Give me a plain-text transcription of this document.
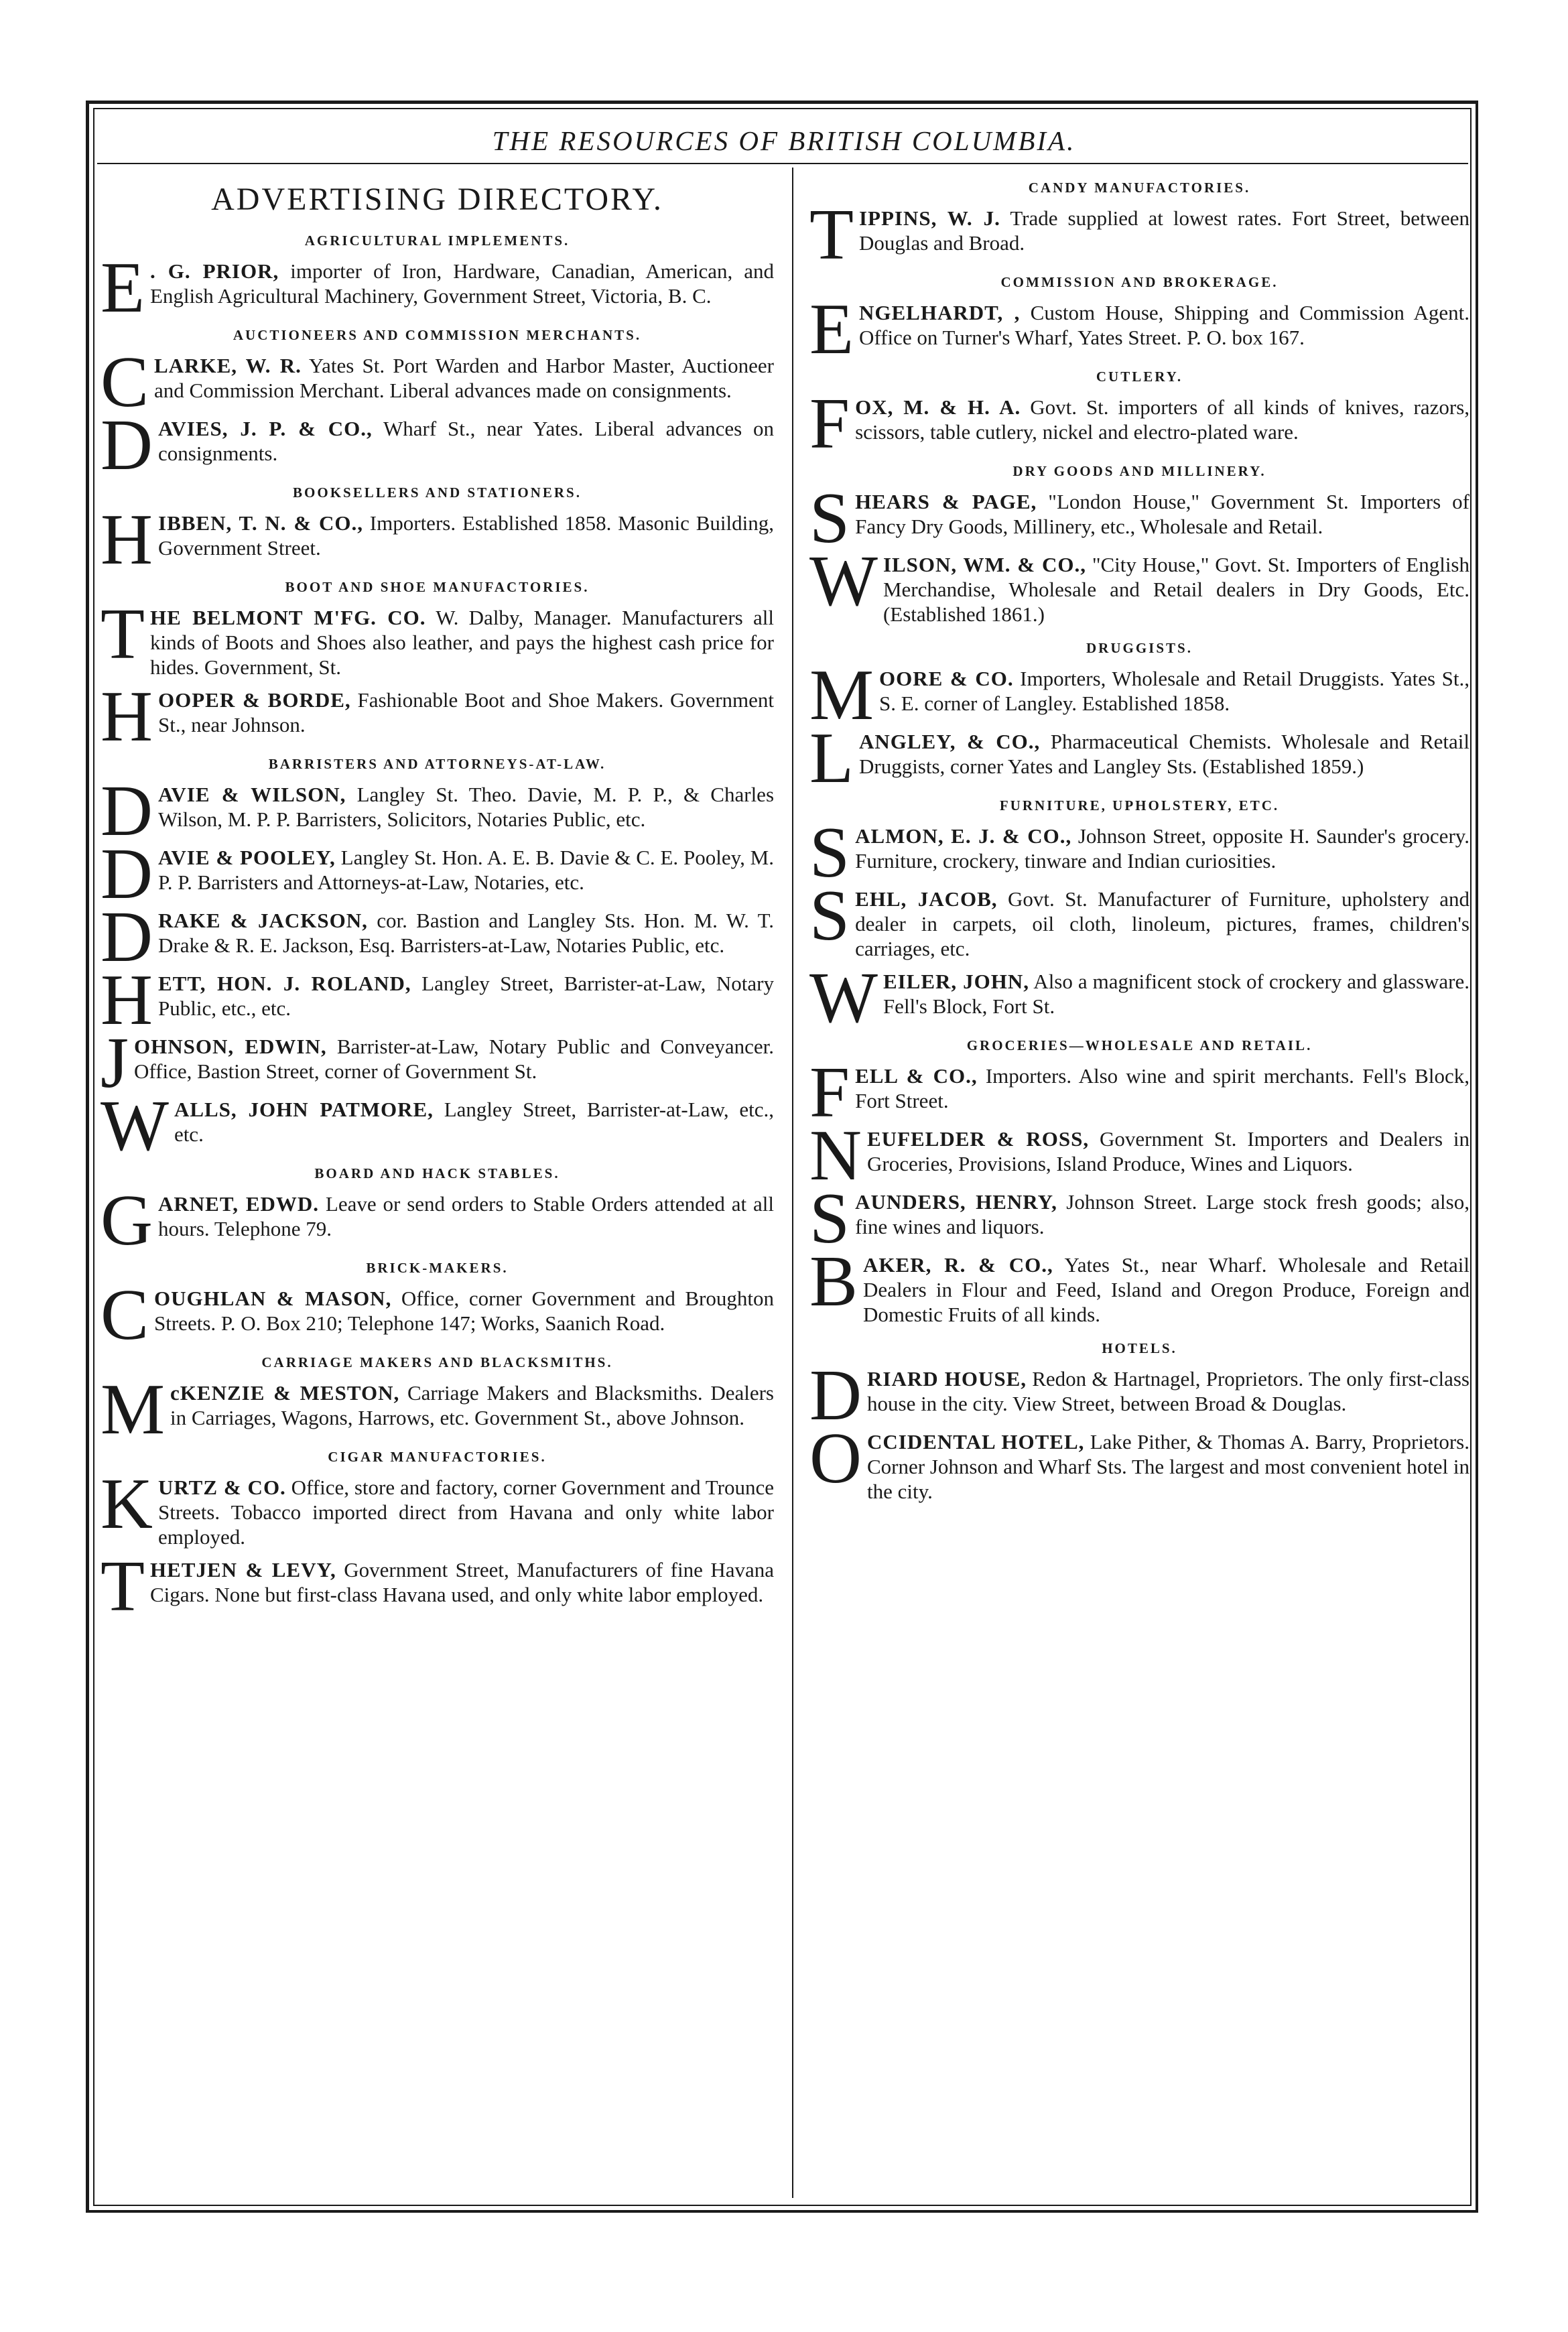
THE RESOURCES OF BRITISH COLUMBIA.
ADVERTISING DIRECTORY.
AGRICULTURAL IMPLEMENTS.

E . G. PRIOR, importer of Iron, Hardware, Canadian, American, and English Agricultural Machinery, Government Street, Victoria, B. C.

AUCTIONEERS AND COMMISSION MERCHANTS.

CLARKE, W. R. Yates St. Port Warden and Harbor Master, Auctioneer and Commission Merchant. Liberal advances made on consignments.

DAVIES, J. P. & CO., Wharf St., near Yates. Liberal advances on consignments.

BOOKSELLERS AND STATIONERS.

HIBBEN, T. N. & CO., Importers. Established 1858. Masonic Building, Government Street.

BOOT AND SHOE MANUFACTORIES.

THE BELMONT M'FG. CO. W. Dalby, Manager. Manufacturers all kinds of Boots and Shoes also leather, and pays the highest cash price for hides. Government, St.

HOOPER & BORDE, Fashionable Boot and Shoe Makers. Government St., near Johnson.

BARRISTERS AND ATTORNEYS-AT-LAW.

DAVIE & WILSON, Langley St. Theo. Davie, M. P. P., & Charles Wilson, M. P. P. Barristers, Solicitors, Notaries Public, etc.

DAVIE & POOLEY, Langley St. Hon. A. E. B. Davie & C. E. Pooley, M. P. P. Barristers and Attorneys-at-Law, Notaries, etc.

DRAKE & JACKSON, cor. Bastion and Langley Sts. Hon. M. W. T. Drake & R. E. Jackson, Esq. Barristers-at-Law, Notaries Public, etc.

HETT, HON. J. ROLAND, Langley Street, Barrister-at-Law, Notary Public, etc., etc.

JOHNSON, EDWIN, Barrister-at-Law, Notary Public and Conveyancer. Office, Bastion Street, corner of Government St.

WALLS, JOHN PATMORE, Langley Street, Barrister-at-Law, etc., etc.

BOARD AND HACK STABLES.

GARNET, EDWD. Leave or send orders to Stable Orders attended at all hours. Telephone 79.

BRICK-MAKERS.

COUGHLAN & MASON, Office, corner Government and Broughton Streets. P. O. Box 210; Telephone 147; Works, Saanich Road.

CARRIAGE MAKERS AND BLACKSMITHS.

McKENZIE & MESTON, Carriage Makers and Blacksmiths. Dealers in Carriages, Wagons, Harrows, etc. Government St., above Johnson.

CIGAR MANUFACTORIES.

KURTZ & CO. Office, store and factory, corner Government and Trounce Streets. Tobacco imported direct from Havana and only white labor employed.

THETJEN & LEVY, Government Street, Manufacturers of fine Havana Cigars. None but first-class Havana used, and only white labor employed.

CANDY MANUFACTORIES.

TIPPINS, W. J. Trade supplied at lowest rates. Fort Street, between Douglas and Broad.

COMMISSION AND BROKERAGE.

ENGELHARDT, , Custom House, Shipping and Commission Agent. Office on Turner's Wharf, Yates Street. P. O. box 167.

CUTLERY.

FOX, M. & H. A. Govt. St. importers of all kinds of knives, razors, scissors, table cutlery, nickel and electro-plated ware.

DRY GOODS AND MILLINERY.

SHEARS & PAGE, "London House," Government St. Importers of Fancy Dry Goods, Millinery, etc., Wholesale and Retail.

WILSON, WM. & CO., "City House," Govt. St. Importers of English Merchandise, Wholesale and Retail dealers in Dry Goods, Etc. (Established 1861.)

DRUGGISTS.

MOORE & CO. Importers, Wholesale and Retail Druggists. Yates St., S. E. corner of Langley. Established 1858.

LANGLEY, & CO., Pharmaceutical Chemists. Wholesale and Retail Druggists, corner Yates and Langley Sts. (Established 1859.)

FURNITURE, UPHOLSTERY, ETC.

SALMON, E. J. & CO., Johnson Street, opposite H. Saunder's grocery. Furniture, crockery, tinware and Indian curiosities.

SEHL, JACOB, Govt. St. Manufacturer of Furniture, upholstery and dealer in carpets, oil cloth, linoleum, pictures, frames, children's carriages, etc.

WEILER, JOHN, Also a magnificent stock of crockery and glassware. Fell's Block, Fort St.

GROCERIES—WHOLESALE AND RETAIL.

FELL & CO., Importers. Also wine and spirit merchants. Fell's Block, Fort Street.

NEUFELDER & ROSS, Government St. Importers and Dealers in Groceries, Provisions, Island Produce, Wines and Liquors.

SAUNDERS, HENRY, Johnson Street. Large stock fresh goods; also, fine wines and liquors.

BAKER, R. & CO., Yates St., near Wharf. Wholesale and Retail Dealers in Flour and Feed, Island and Oregon Produce, Foreign and Domestic Fruits of all kinds.

HOTELS.

DRIARD HOUSE, Redon & Hartnagel, Proprietors. The only first-class house in the city. View Street, between Broad & Douglas.

OCCIDENTAL HOTEL, Lake Pither, & Thomas A. Barry, Proprietors. Corner Johnson and Wharf Sts. The largest and most convenient hotel in the city.
